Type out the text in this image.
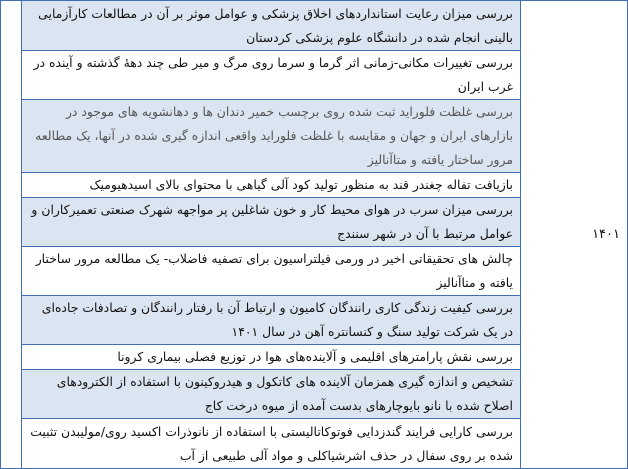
۱۴۰۱	بررسی میزان رعایت استانداردهای اخلاق پزشکی و عوامل موثر بر آن در مطالعات کارآزمایی بالینی انجام شده در دانشگاه علوم پزشکی کردستان	
بررسی تغییرات مکانی-زمانی اثر گرما و سرما روی مرگ و میر طی چند دههٔ گذشته و آینده در غرب ایران
بررسی غلظت فلوراید ثبت شده روی برچسب خمیر دندان ها و دهانشویه های موجود در بازارهای ایران و جهان و مقایسه با غلظت فلوراید واقعی اندازه گیری شده در آنها، یک مطالعه مرور ساختار یافته و متاآنالیز
بازیافت تفاله چغندر قند به منظور تولید کود آلی گیاهی با محتوای بالای اسیدهیومیک
بررسی میزان سرب در هوای محیط کار و خون شاغلین پر مواجهه شهرک صنعتی تعمیرکاران و عوامل مرتبط با آن در شهر سنندج
چالش های تحقیقاتی اخیر در ورمی فیلتراسیون برای تصفیه فاضلاب- یک مطالعه مرور ساختار یافته و متاآنالیز
بررسی کیفیت زندگی کاری رانندگان کامیون و ارتباط آن با رفتار رانندگان و تصادفات جاده‌ای در یک شرکت تولید سنگ و کنسانتره آهن در سال ۱۴۰۱
بررسی نقش پارامترهای اقلیمی و آلاینده‌های هوا در توزیع فصلی بیماری کرونا
تشخیص و اندازه گیری همزمان آلاینده های کاتکول و هیدروکینون با استفاده از الکترودهای اصلاح شده با نانو بایوچارهای بدست آمده از میوه درخت کاج
بررسی کارایی فرایند گندزدایی فوتوکاتالیستی با استفاده از نانوذرات اکسید روی/مولیبدن تثبیت شده بر روی سفال در حذف اشرشیاکلی و مواد آلی طبیعی از آب
